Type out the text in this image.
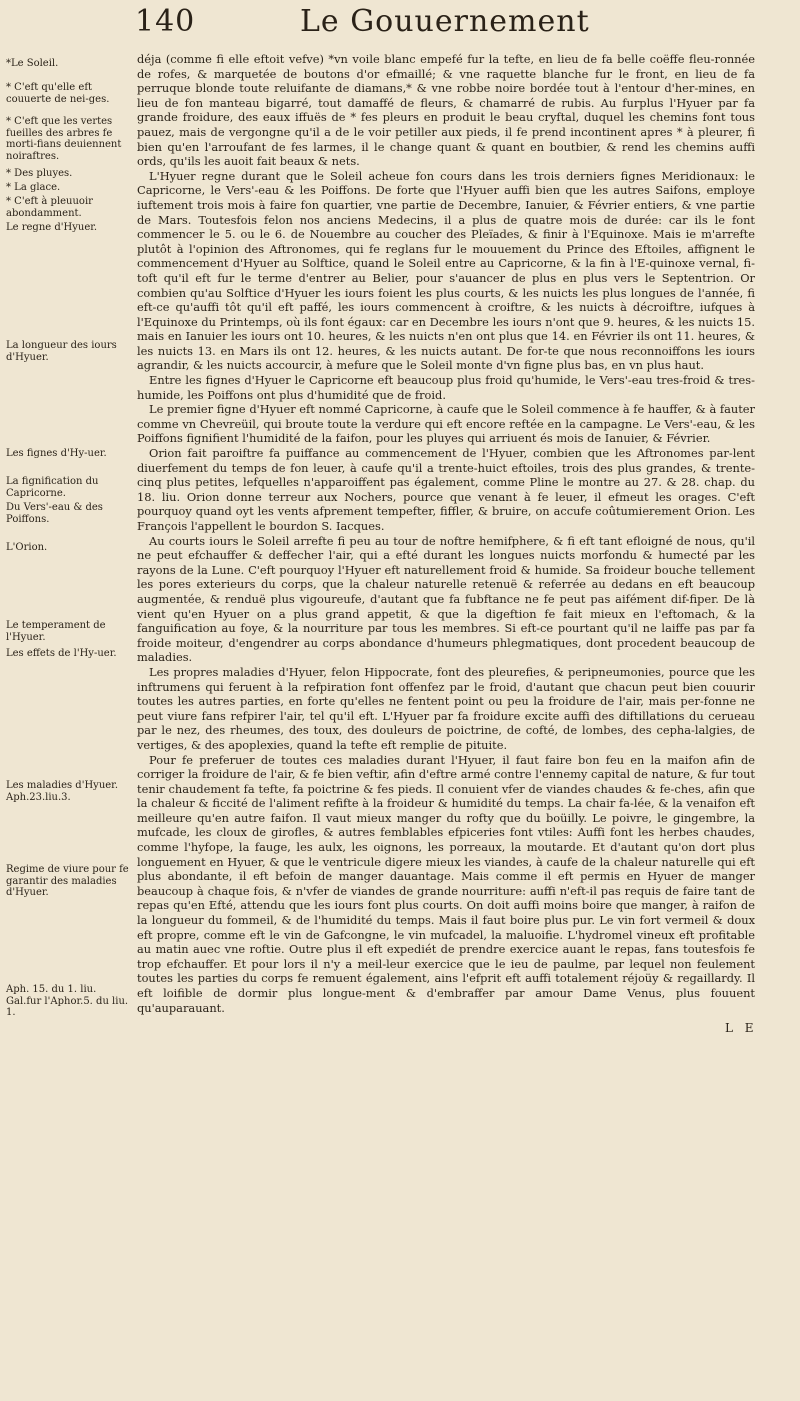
140	Le Gouuernement
*Le Soleil.
* C'eft qu'elle eft couuerte de nei-ges.
* C'eft que les vertes fueilles des arbres fe morti-fians deuiennent noiraftres.
* Des pluyes.
* La glace.
* C'eft à pleuuoir abondamment.
Le regne d'Hyuer.
La longueur des iours d'Hyuer.
Les fignes d'Hy-uer.
La fignification du Capricorne.
Du Vers'-eau & des Poiffons.
L'Orion.
Le temperament de l'Hyuer.
Les effets de l'Hy-uer.
Les maladies d'Hyuer. Aph.23.liu.3.
Regime de viure pour fe garantir des maladies d'Hyuer.
Aph. 15. du 1. liu. Gal.fur l'Aphor.5. du liu. 1.

déja (comme fi elle eftoit vefve) *vn voile blanc empefé fur la tefte, en lieu de fa belle coëffe fleu-ronnée de rofes, & marquetée de boutons d'or efmaillé; & vne raquette blanche fur le front, en lieu de fa perruque blonde toute reluifante de diamans,* & vne robbe noire bordée tout à l'entour d'her-mines, en lieu de fon manteau bigarré, tout damaffé de fleurs, & chamarré de rubis. Au furplus l'Hyuer par fa grande froidure, des eaux iffuës de * fes pleurs en produit le beau cryftal, duquel les chemins font tous pauez, mais de vergongne qu'il a de le voir petiller aux pieds, il fe prend incontinent apres * à pleurer, fi bien qu'en l'arroufant de fes larmes, il le change quant & quant en boutbier, & rend les chemins auffi ords, qu'ils les auoit fait beaux & nets.

L'Hyuer regne durant que le Soleil acheue fon cours dans les trois derniers fignes Meridionaux: le Capricorne, le Vers'-eau & les Poiffons. De forte que l'Hyuer auffi bien que les autres Saifons, employe iuftement trois mois à faire fon quartier, vne partie de Decembre, Ianuier, & Février entiers, & vne partie de Mars. Toutesfois felon nos anciens Medecins, il a plus de quatre mois de durée: car ils le font commencer le 5. ou le 6. de Nouembre au coucher des Pleïades, & finir à l'Equinoxe. Mais ie m'arrefte plutôt à l'opinion des Aftronomes, qui fe reglans fur le mouuement du Prince des Eftoiles, affignent le commencement d'Hyuer au Solftice, quand le Soleil entre au Capricorne, & la fin à l'E-quinoxe vernal, fi-toft qu'il eft fur le terme d'entrer au Belier, pour s'auancer de plus en plus vers le Septentrion. Or combien qu'au Solftice d'Hyuer les iours foient les plus courts, & les nuicts les plus longues de l'année, fi eft-ce qu'auffi tôt qu'il eft paffé, les iours commencent à croiftre, & les nuicts à décroiftre, iufques à l'Equinoxe du Printemps, où ils font égaux: car en Decembre les iours n'ont que 9. heures, & les nuicts 15. mais en Ianuier les iours ont 10. heures, & les nuicts n'en ont plus que 14. en Février ils ont 11. heures, & les nuicts 13. en Mars ils ont 12. heures, & les nuicts autant. De for-te que nous reconnoiffons les iours agrandir, & les nuicts accourcir, à mefure que le Soleil monte d'vn figne plus bas, en vn plus haut.

Entre les fignes d'Hyuer le Capricorne eft beaucoup plus froid qu'humide, le Vers'-eau tres-froid & tres-humide, les Poiffons ont plus d'humidité que de froid.

Le premier figne d'Hyuer eft nommé Capricorne, à caufe que le Soleil commence à fe hauffer, & à fauter comme vn Chevreüil, qui broute toute la verdure qui eft encore reftée en la campagne. Le Vers'-eau, & les Poiffons fignifient l'humidité de la faifon, pour les pluyes qui arriuent és mois de Ianuier, & Février.

Orion fait paroiftre fa puiffance au commencement de l'Hyuer, combien que les Aftronomes par-lent diuerfement du temps de fon leuer, à caufe qu'il a trente-huict eftoiles, trois des plus grandes, & trente-cinq plus petites, lefquelles n'apparoiffent pas également, comme Pline le montre au 27. & 28. chap. du 18. liu. Orion donne terreur aux Nochers, pource que venant à fe leuer, il efmeut les orages. C'eft pourquoy quand oyt les vents afprement tempefter, fiffler, & bruire, on accufe coûtumierement Orion. Les François l'appellent le bourdon S. Iacques.

Au courts iours le Soleil arrefte fi peu au tour de noftre hemifphere, & fi eft tant efloigné de nous, qu'il ne peut efchauffer & deffecher l'air, qui a efté durant les longues nuicts morfondu & humecté par les rayons de la Lune. C'eft pourquoy l'Hyuer eft naturellement froid & humide. Sa froideur bouche tellement les pores exterieurs du corps, que la chaleur naturelle retenuë & referrée au dedans en eft beaucoup augmentée, & renduë plus vigoureufe, d'autant que fa fubftance ne fe peut pas aifément dif-fiper. De là vient qu'en Hyuer on a plus grand appetit, & que la digeftion fe fait mieux en l'eftomach, & la fanguification au foye, & la nourriture par tous les membres. Si eft-ce pourtant qu'il ne laiffe pas par fa froide moiteur, d'engendrer au corps abondance d'humeurs phlegmatiques, dont procedent beaucoup de maladies.

Les propres maladies d'Hyuer, felon Hippocrate, font des pleurefies, & peripneumonies, pource que les inftrumens qui feruent à la refpiration font offenfez par le froid, d'autant que chacun peut bien couurir toutes les autres parties, en forte qu'elles ne fentent point ou peu la froidure de l'air, mais per-fonne ne peut viure fans refpirer l'air, tel qu'il eft. L'Hyuer par fa froidure excite auffi des diftillations du cerueau par le nez, des rheumes, des toux, des douleurs de poictrine, de cofté, de lombes, des cepha-lalgies, de vertiges, & des apoplexies, quand la tefte eft remplie de pituite.

Pour fe preferuer de toutes ces maladies durant l'Hyuer, il faut faire bon feu en la maifon afin de corriger la froidure de l'air, & fe bien veftir, afin d'eftre armé contre l'ennemy capital de nature, & fur tout tenir chaudement fa tefte, fa poictrine & fes pieds. Il conuient vfer de viandes chaudes & fe-ches, afin que la chaleur & ficcité de l'aliment refifte à la froideur & humidité du temps. La chair fa-lée, & la venaifon eft meilleure qu'en autre faifon. Il vaut mieux manger du rofty que du boüilly. Le poivre, le gingembre, la mufcade, les cloux de girofles, & autres femblables efpiceries font vtiles: Auffi font les herbes chaudes, comme l'hyfope, la fauge, les aulx, les oignons, les porreaux, la moutarde. Et d'autant qu'on dort plus longuement en Hyuer, & que le ventricule digere mieux les viandes, à caufe de la chaleur naturelle qui eft plus abondante, il eft befoin de manger dauantage. Mais comme il eft permis en Hyuer de manger beaucoup à chaque fois, & n'vfer de viandes de grande nourriture: auffi n'eft-il pas requis de faire tant de repas qu'en Efté, attendu que les iours font plus courts. On doit auffi moins boire que manger, à raifon de la longueur du fommeil, & de l'humidité du temps. Mais il faut boire plus pur. Le vin fort vermeil & doux eft propre, comme eft le vin de Gafcongne, le vin mufcadel, la maluoifie. L'hydromel vineux eft profitable au matin auec vne roftie. Outre plus il eft expediét de prendre exercice auant le repas, fans toutesfois fe trop efchauffer. Et pour lors il n'y a meil-leur exercice que le ieu de paulme, par lequel non feulement toutes les parties du corps fe remuent également, ains l'efprit eft auffi totalement réjoüy & regaillardy. Il eft loifible de dormir plus longue-ment & d'embraffer par amour Dame Venus, plus fouuent qu'auparauant.

L E
